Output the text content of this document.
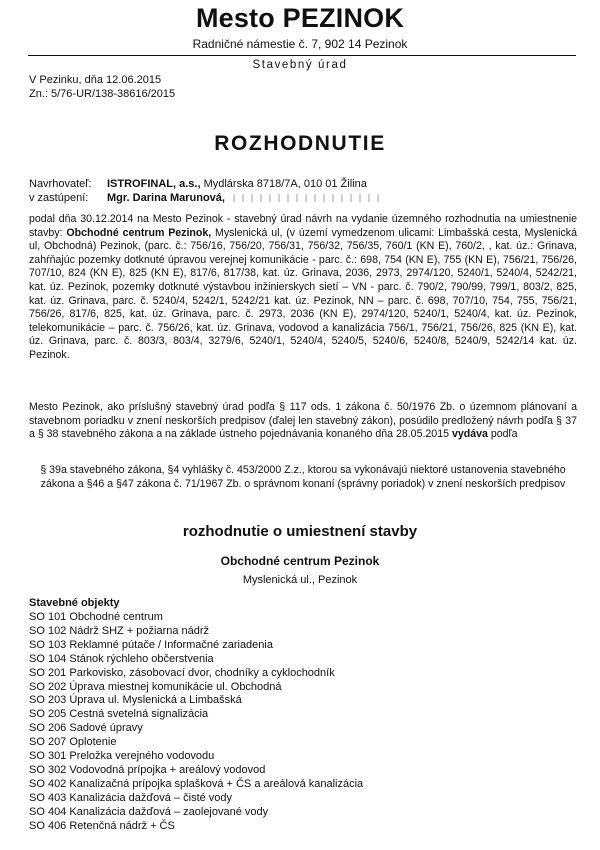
Mesto PEZINOK
Radničné námestie č. 7, 902 14 Pezinok
Stavebný úrad
V Pezinku, dňa 12.06.2015
Zn.: 5/76-UR/138-38616/2015
ROZHODNUTIE
Navrhovateľ: ISTROFINAL, a.s., Mydlárska 8718/7A, 010 01 Žilina
v zastúpení: Mgr. Darina Marunová,
podal dňa 30.12.2014 na Mesto Pezinok - stavebný úrad návrh na vydanie územného rozhodnutia na umiestnenie stavby: Obchodné centrum Pezinok, Myslenická ul, (v území vymedzenom ulicami: Limbašská cesta, Myslenická ul, Obchodná) Pezinok, (parc. č.: 756/16, 756/20, 756/31, 756/32, 756/35, 760/1 (KN E), 760/2, , kat. úz.: Grinava, zahŕňajúc pozemky dotknuté úpravou verejnej komunikácie - parc. č.: 698, 754 (KN E), 755 (KN E), 756/21, 756/26, 707/10, 824 (KN E), 825 (KN E), 817/6, 817/38, kat. úz. Grinava, 2036, 2973, 2974/120, 5240/1, 5240/4, 5242/21, kat. úz. Pezinok, pozemky dotknuté výstavbou inžinierskych sietí – VN - parc. č. 790/2, 790/99, 799/1, 803/2, 825, kat. úz. Grinava, parc. č. 5240/4, 5242/1, 5242/21 kat. úz. Pezinok, NN – parc. č. 698, 707/10, 754, 755, 756/21, 756/26, 817/6, 825, kat. úz. Grinava, parc. č. 2973, 2036 (KN E), 2974/120, 5240/1, 5240/4, kat. úz. Pezinok, telekomunikácie – parc. č. 756/26, kat. úz. Grinava, vodovod a kanalizácia 756/1, 756/21, 756/26, 825 (KN E), kat. úz. Grinava, parc. č. 803/3, 803/4, 3279/6, 5240/1, 5240/4, 5240/5, 5240/6, 5240/8, 5240/9, 5242/14 kat. úz. Pezinok.
Mesto Pezinok, ako príslušný stavebný úrad podľa § 117 ods. 1 zákona č. 50/1976 Zb. o územnom plánovaní a stavebnom poriadku v znení neskorších predpisov (ďalej len stavebný zákon), posúdilo predložený návrh podľa § 37 a § 38 stavebného zákona a na základe ústneho pojednávania konaného dňa 28.05.2015 vydáva podľa
§ 39a stavebného zákona, §4 vyhlášky č. 453/2000 Z.z., ktorou sa vykonávajú niektoré ustanovenia stavebného zákona a §46 a §47 zákona č. 71/1967 Zb. o správnom konaní (správny poriadok) v znení neskorších predpisov
rozhodnutie o umiestnení stavby
Obchodné centrum Pezinok
Myslenická ul., Pezinok
Stavebné objekty
SO 101 Obchodné centrum
SO 102 Nádrž SHZ + požiarna nádrž
SO 103 Reklamné pútače / Informačné zariadenia
SO 104 Stánok rýchleho občerstvenia
SO 201 Parkovisko, zásobovací dvor, chodníky a cyklochodník
SO 202 Úprava miestnej komunikácie ul. Obchodná
SO 203 Úprava ul. Myslenická a Limbašská
SO 205 Cestná svetelná signalizácia
SO 206 Sadové úpravy
SO 207 Oplotenie
SO 301 Preložka verejného vodovodu
SO 302 Vodovodná prípojka + areálový vodovod
SO 402 Kanalizačná prípojka splašková + ČS a areálová kanalizácia
SO 403 Kanalizácia dažďová – čisté vody
SO 404 Kanalizácia dažďová – zaolejované vody
SO 406 Retenčná nádrž + ČS
